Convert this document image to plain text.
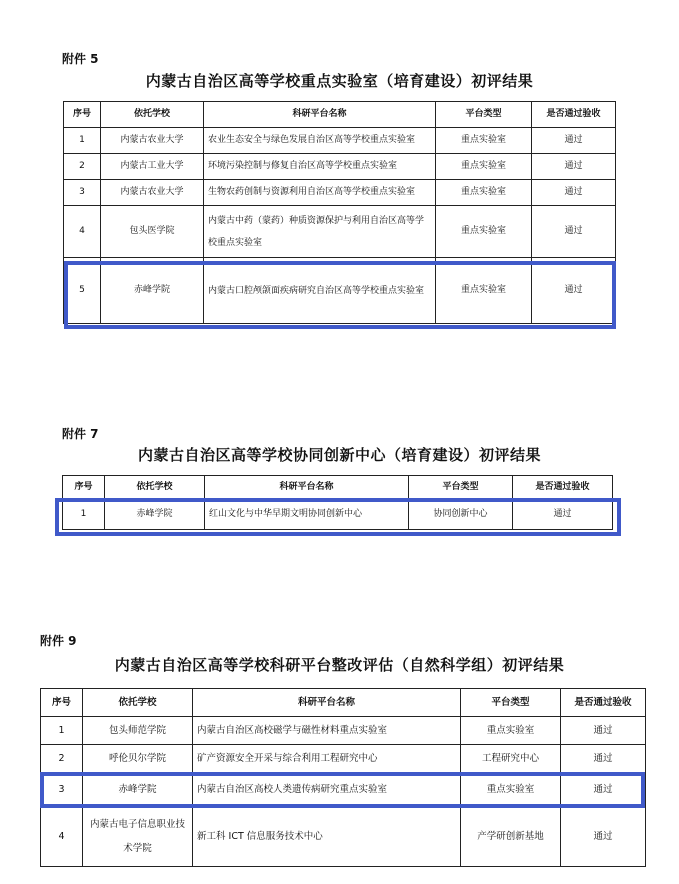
附件 5
内蒙古自治区高等学校重点实验室（培育建设）初评结果
序号	依托学校	科研平台名称	平台类型	是否通过验收
1	内蒙古农业大学	农业生态安全与绿色发展自治区高等学校重点实验室	重点实验室	通过
2	内蒙古工业大学	环境污染控制与修复自治区高等学校重点实验室	重点实验室	通过
3	内蒙古农业大学	生物农药创制与资源利用自治区高等学校重点实验室	重点实验室	通过
4	包头医学院	内蒙古中药（蒙药）种质资源保护与利用自治区高等学校重点实验室	重点实验室	通过
5	赤峰学院	内蒙古口腔颅颌面疾病研究自治区高等学校重点实验室	重点实验室	通过
附件 7
内蒙古自治区高等学校协同创新中心（培育建设）初评结果
序号	依托学校	科研平台名称	平台类型	是否通过验收
1	赤峰学院	红山文化与中华早期文明协同创新中心	协同创新中心	通过
附件 9
内蒙古自治区高等学校科研平台整改评估（自然科学组）初评结果
序号	依托学校	科研平台名称	平台类型	是否通过验收
1	包头师范学院	内蒙古自治区高校磁学与磁性材料重点实验室	重点实验室	通过
2	呼伦贝尔学院	矿产资源安全开采与综合利用工程研究中心	工程研究中心	通过
3	赤峰学院	内蒙古自治区高校人类遗传病研究重点实验室	重点实验室	通过
4	内蒙古电子信息职业技术学院	新工科 ICT 信息服务技术中心	产学研创新基地	通过
